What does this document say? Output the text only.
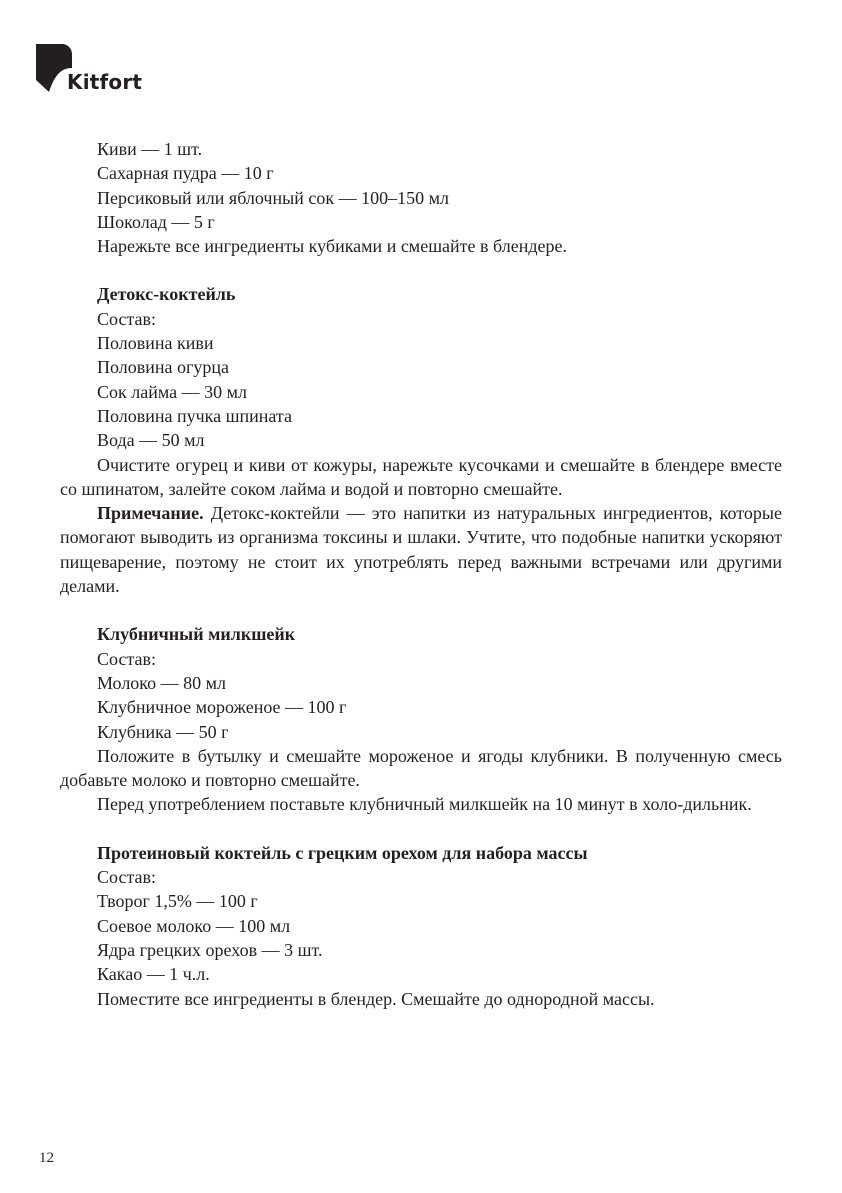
Kitfort

Киви — 1 шт.

Сахарная пудра — 10 г

Персиковый или яблочный сок — 100–150 мл

Шоколад — 5 г

Нарежьте все ингредиенты кубиками и смешайте в блендере.

Детокс-коктейль

Состав:

Половина киви

Половина огурца

Сок лайма — 30 мл

Половина пучка шпината

Вода — 50 мл

Очистите огурец и киви от кожуры, нарежьте кусочками и смешайте в блендере вместе со шпинатом, залейте соком лайма и водой и повторно смешайте.

Примечание. Детокс-коктейли — это напитки из натуральных ингредиентов, которые помогают выводить из организма токсины и шлаки. Учтите, что подобные напитки ускоряют пищеварение, поэтому не стоит их употреблять перед важными встречами или другими делами.

Клубничный милкшейк

Состав:

Молоко — 80 мл

Клубничное мороженое — 100 г

Клубника — 50 г

Положите в бутылку и смешайте мороженое и ягоды клубники. В полученную смесь добавьте молоко и повторно смешайте.

Перед употреблением поставьте клубничный милкшейк на 10 минут в холо-дильник.

Протеиновый коктейль с грецким орехом для набора массы

Состав:

Творог 1,5% — 100 г

Соевое молоко — 100 мл

Ядра грецких орехов — 3 шт.

Какао — 1 ч.л.

Поместите все ингредиенты в блендер. Смешайте до однородной массы.

12
